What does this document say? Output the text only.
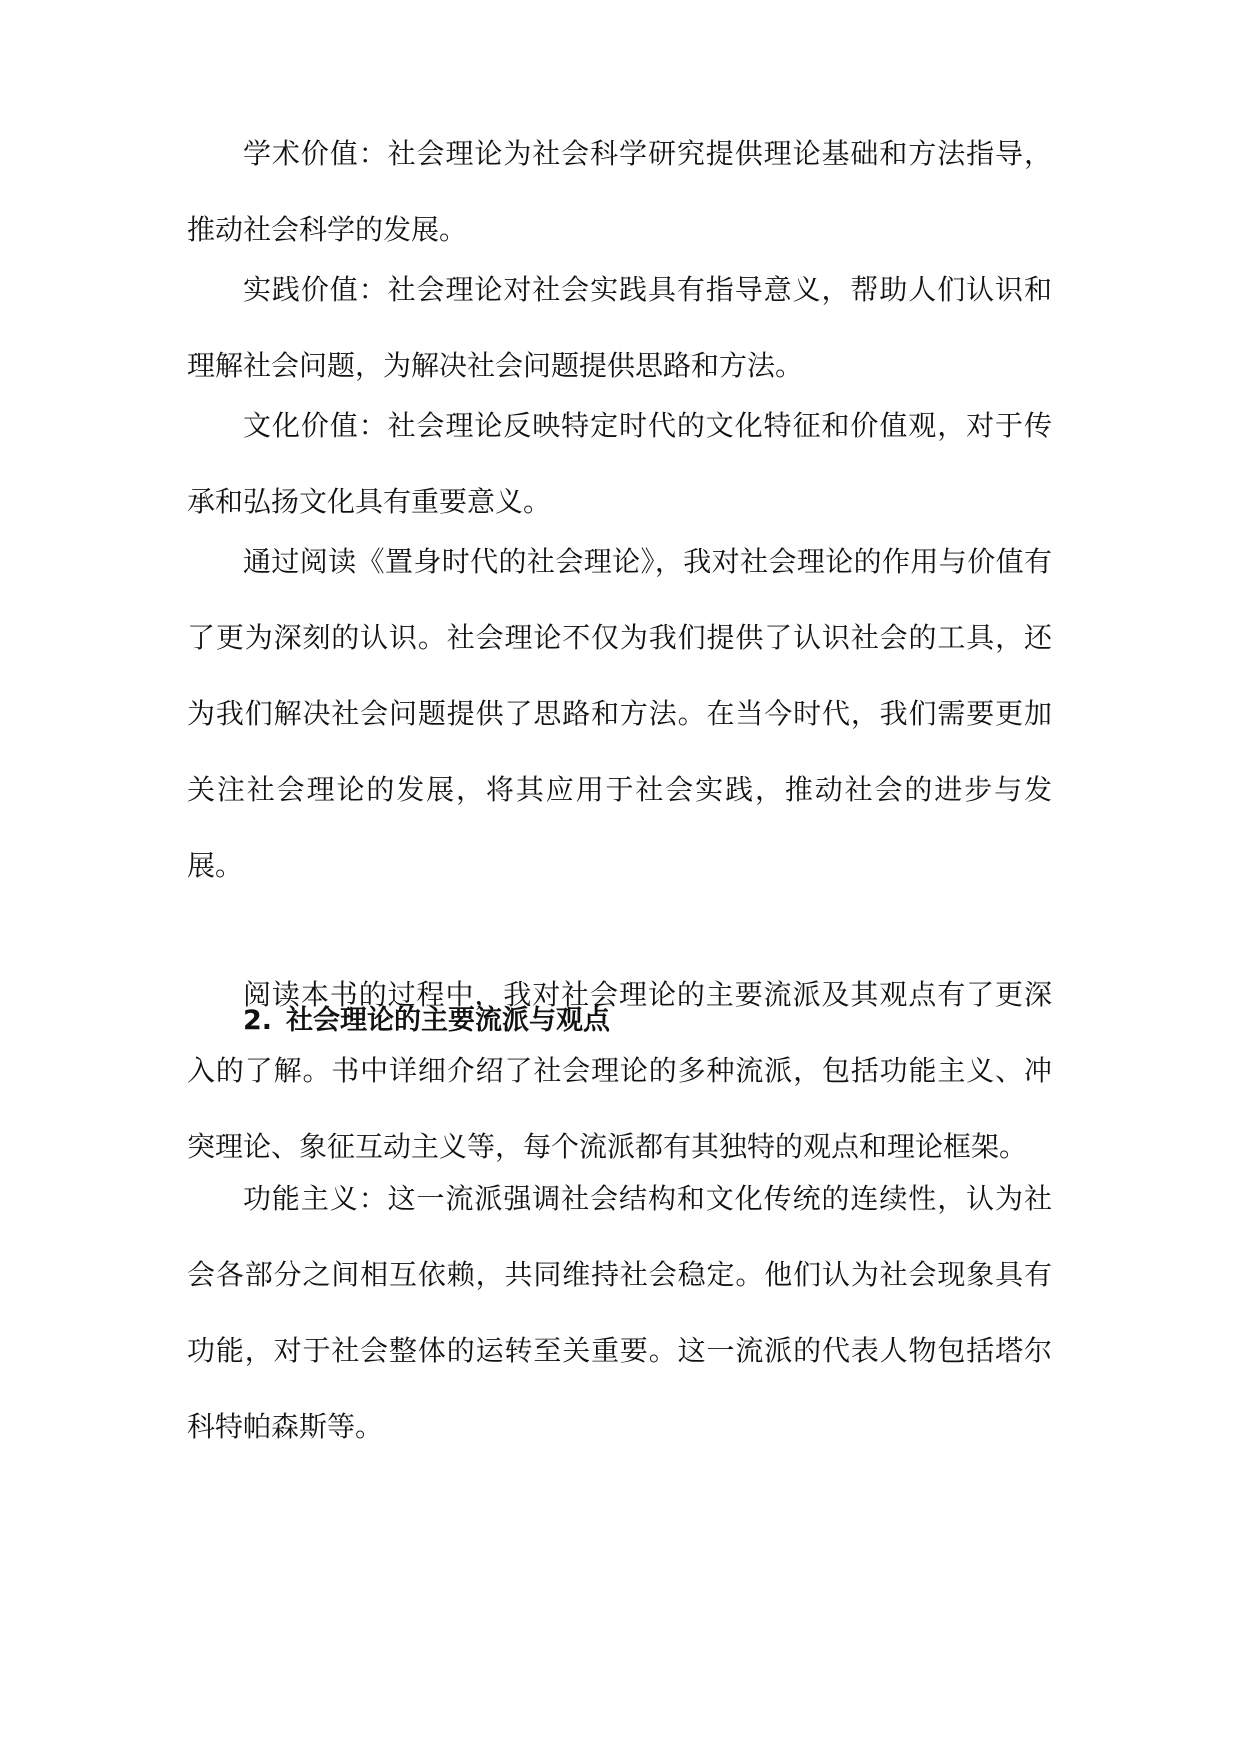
学术价值：社会理论为社会科学研究提供理论基础和方法指导，推动社会科学的发展。

实践价值：社会理论对社会实践具有指导意义，帮助人们认识和理解社会问题，为解决社会问题提供思路和方法。

文化价值：社会理论反映特定时代的文化特征和价值观，对于传承和弘扬文化具有重要意义。

通过阅读《置身时代的社会理论》，我对社会理论的作用与价值有了更为深刻的认识。社会理论不仅为我们提供了认识社会的工具，还为我们解决社会问题提供了思路和方法。在当今时代，我们需要更加关注社会理论的发展，将其应用于社会实践，推动社会的进步与发展。

2. 社会理论的主要流派与观点

阅读本书的过程中，我对社会理论的主要流派及其观点有了更深入的了解。书中详细介绍了社会理论的多种流派，包括功能主义、冲突理论、象征互动主义等，每个流派都有其独特的观点和理论框架。

功能主义：这一流派强调社会结构和文化传统的连续性，认为社会各部分之间相互依赖，共同维持社会稳定。他们认为社会现象具有功能，对于社会整体的运转至关重要。这一流派的代表人物包括塔尔科特帕森斯等。
